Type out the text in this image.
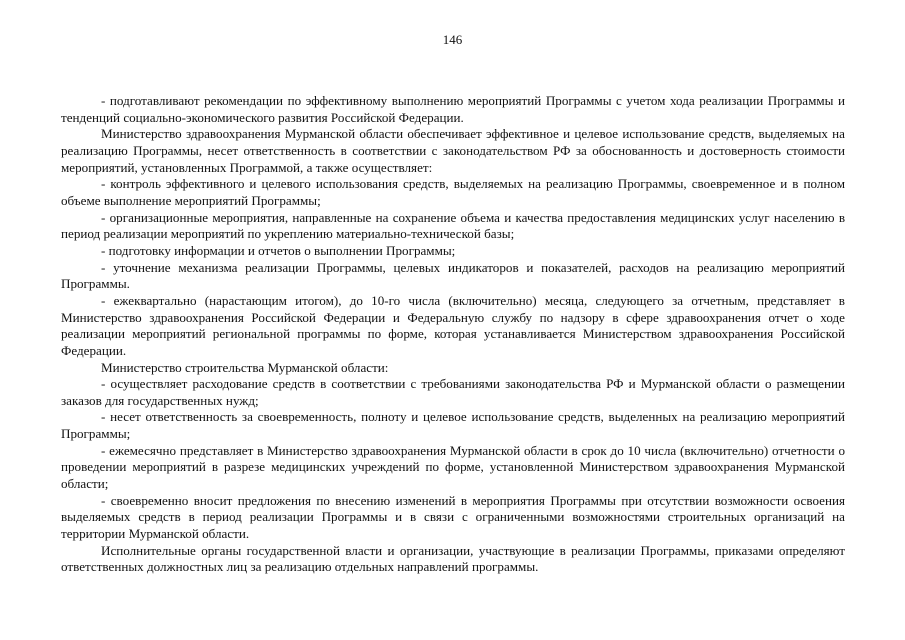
146

- подготавливают рекомендации по эффективному выполнению мероприятий Программы с учетом хода реализации Программы и тенденций социально-экономического развития Российской Федерации.

Министерство здравоохранения Мурманской области обеспечивает эффективное и целевое использование средств, выделяемых на реализацию Программы, несет ответственность в соответствии с законодательством РФ за обоснованность и достоверность стоимости мероприятий, установленных Программой, а также осуществляет:

- контроль эффективного и целевого использования средств, выделяемых на реализацию Программы, своевременное и в полном объеме выполнение мероприятий Программы;

- организационные мероприятия, направленные на сохранение объема и качества предоставления медицинских услуг населению в период реализации мероприятий по укреплению материально-технической базы;

- подготовку информации и отчетов о выполнении Программы;

- уточнение механизма реализации Программы, целевых индикаторов и показателей, расходов на реализацию мероприятий Программы.

- ежеквартально (нарастающим итогом), до 10-го числа (включительно) месяца, следующего за отчетным, представляет в Министерство здравоохранения Российской Федерации и Федеральную службу по надзору в сфере здравоохранения отчет о ходе реализации мероприятий региональной программы по форме, которая устанавливается Министерством здравоохранения Российской Федерации.

Министерство строительства Мурманской области:

- осуществляет расходование средств в соответствии с требованиями законодательства РФ и Мурманской области о размещении заказов для государственных нужд;

- несет ответственность за своевременность, полноту и целевое использование средств, выделенных на реализацию мероприятий Программы;

- ежемесячно представляет в Министерство здравоохранения Мурманской области в срок до 10 числа (включительно) отчетности о проведении мероприятий в разрезе медицинских учреждений по форме, установленной Министерством здравоохранения Мурманской области;

- своевременно вносит предложения по внесению изменений в мероприятия Программы при отсутствии возможности освоения выделяемых средств в период реализации Программы и в связи с ограниченными возможностями строительных организаций на территории Мурманской области.

Исполнительные органы государственной власти и организации, участвующие в реализации Программы, приказами определяют ответственных должностных лиц за реализацию отдельных направлений программы.
